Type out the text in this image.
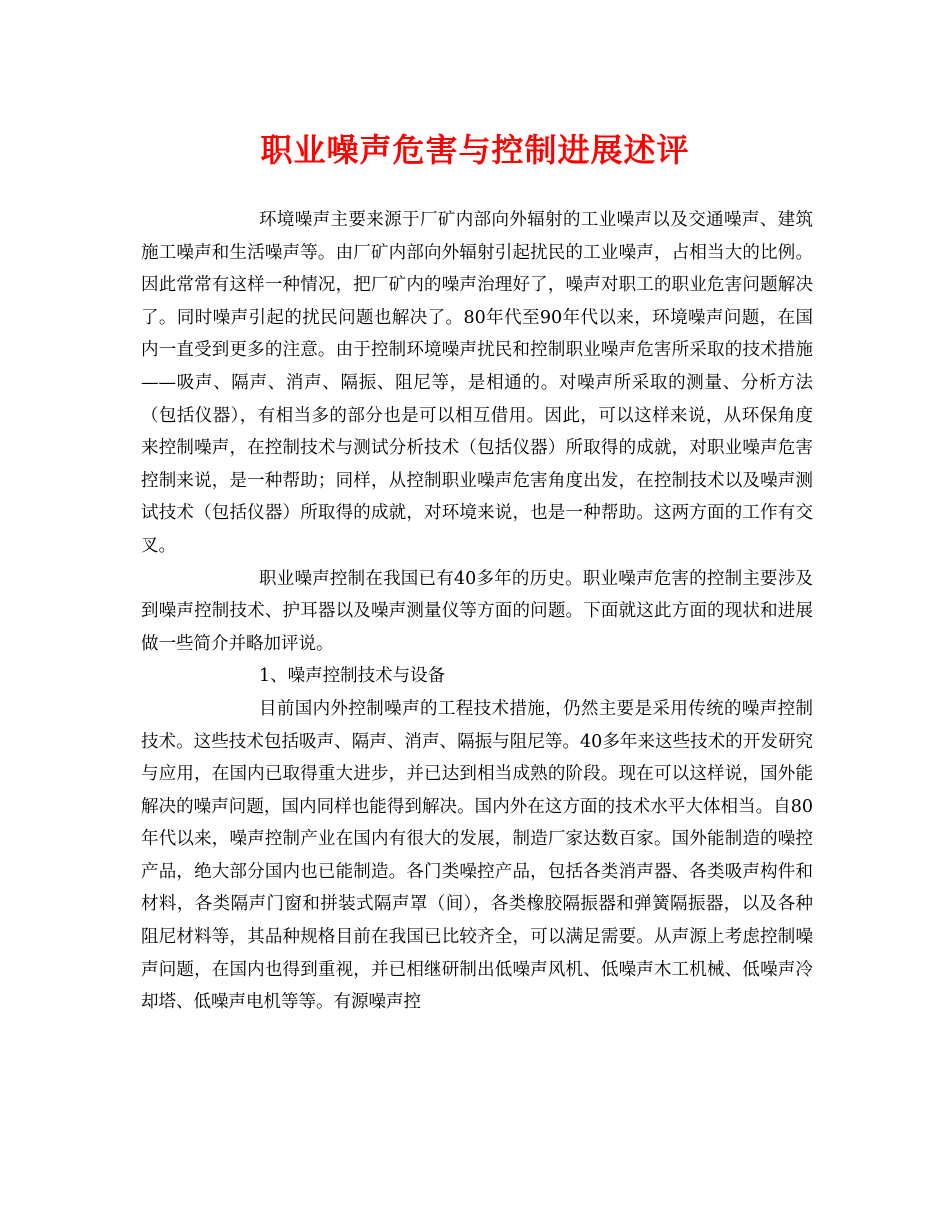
职业噪声危害与控制进展述评

环境噪声主要来源于厂矿内部向外辐射的工业噪声以及交通噪声、建筑施工噪声和生活噪声等。由厂矿内部向外辐射引起扰民的工业噪声，占相当大的比例。因此常常有这样一种情况，把厂矿内的噪声治理好了，噪声对职工的职业危害问题解决了。同时噪声引起的扰民问题也解决了。80年代至90年代以来，环境噪声问题，在国内一直受到更多的注意。由于控制环境噪声扰民和控制职业噪声危害所采取的技术措施——吸声、隔声、消声、隔振、阻尼等，是相通的。对噪声所采取的测量、分析方法（包括仪器），有相当多的部分也是可以相互借用。因此，可以这样来说，从环保角度来控制噪声，在控制技术与测试分析技术（包括仪器）所取得的成就，对职业噪声危害控制来说，是一种帮助；同样，从控制职业噪声危害角度出发，在控制技术以及噪声测试技术（包括仪器）所取得的成就，对环境来说，也是一种帮助。这两方面的工作有交叉。

职业噪声控制在我国已有40多年的历史。职业噪声危害的控制主要涉及到噪声控制技术、护耳器以及噪声测量仪等方面的问题。下面就这此方面的现状和进展做一些简介并略加评说。

1、噪声控制技术与设备

目前国内外控制噪声的工程技术措施，仍然主要是采用传统的噪声控制技术。这些技术包括吸声、隔声、消声、隔振与阻尼等。40多年来这些技术的开发研究与应用，在国内已取得重大进步，并已达到相当成熟的阶段。现在可以这样说，国外能解决的噪声问题，国内同样也能得到解决。国内外在这方面的技术水平大体相当。自80年代以来，噪声控制产业在国内有很大的发展，制造厂家达数百家。国外能制造的噪控产品，绝大部分国内也已能制造。各门类噪控产品，包括各类消声器、各类吸声构件和材料，各类隔声门窗和拼装式隔声罩（间），各类橡胶隔振器和弹簧隔振器，以及各种阻尼材料等，其品种规格目前在我国已比较齐全，可以满足需要。从声源上考虑控制噪声问题，在国内也得到重视，并已相继研制出低噪声风机、低噪声木工机械、低噪声冷却塔、低噪声电机等等。有源噪声控
